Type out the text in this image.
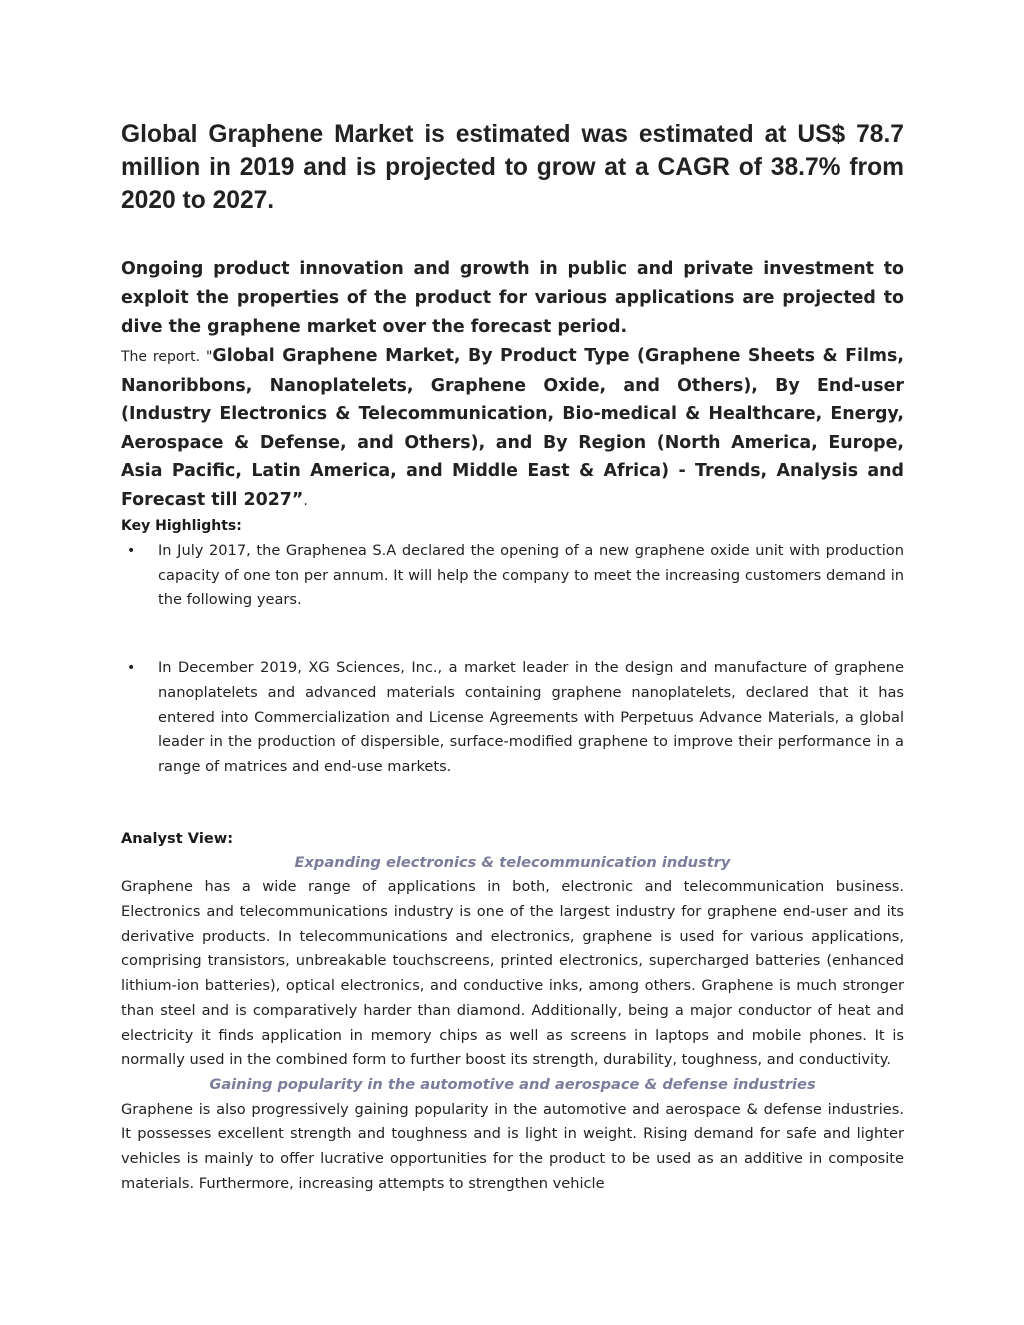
Global Graphene Market is estimated was estimated at US$ 78.7 million in 2019 and is projected to grow at a CAGR of 38.7% from 2020 to 2027.
Ongoing product innovation and growth in public and private investment to exploit the properties of the product for various applications are projected to dive the graphene market over the forecast period.
The report. "Global Graphene Market, By Product Type (Graphene Sheets & Films, Nanoribbons, Nanoplatelets, Graphene Oxide, and Others), By End-user (Industry Electronics & Telecommunication, Bio-medical & Healthcare, Energy, Aerospace & Defense, and Others), and By Region (North America, Europe, Asia Pacific, Latin America, and Middle East & Africa) - Trends, Analysis and Forecast till 2027”.
Key Highlights:
• In July 2017, the Graphenea S.A declared the opening of a new graphene oxide unit with production capacity of one ton per annum. It will help the company to meet the increasing customers demand in the following years.
• In December 2019, XG Sciences, Inc., a market leader in the design and manufacture of graphene nanoplatelets and advanced materials containing graphene nanoplatelets, declared that it has entered into Commercialization and License Agreements with Perpetuus Advance Materials, a global leader in the production of dispersible, surface-modified graphene to improve their performance in a range of matrices and end-use markets.
Analyst View:
Expanding electronics & telecommunication industry

Graphene has a wide range of applications in both, electronic and telecommunication business. Electronics and telecommunications industry is one of the largest industry for graphene end-user and its derivative products. In telecommunications and electronics, graphene is used for various applications, comprising transistors, unbreakable touchscreens, printed electronics, supercharged batteries (enhanced lithium-ion batteries), optical electronics, and conductive inks, among others. Graphene is much stronger than steel and is comparatively harder than diamond. Additionally, being a major conductor of heat and electricity it finds application in memory chips as well as screens in laptops and mobile phones. It is normally used in the combined form to further boost its strength, durability, toughness, and conductivity.

Gaining popularity in the automotive and aerospace & defense industries

Graphene is also progressively gaining popularity in the automotive and aerospace & defense industries. It possesses excellent strength and toughness and is light in weight. Rising demand for safe and lighter vehicles is mainly to offer lucrative opportunities for the product to be used as an additive in composite materials. Furthermore, increasing attempts to strengthen vehicle
